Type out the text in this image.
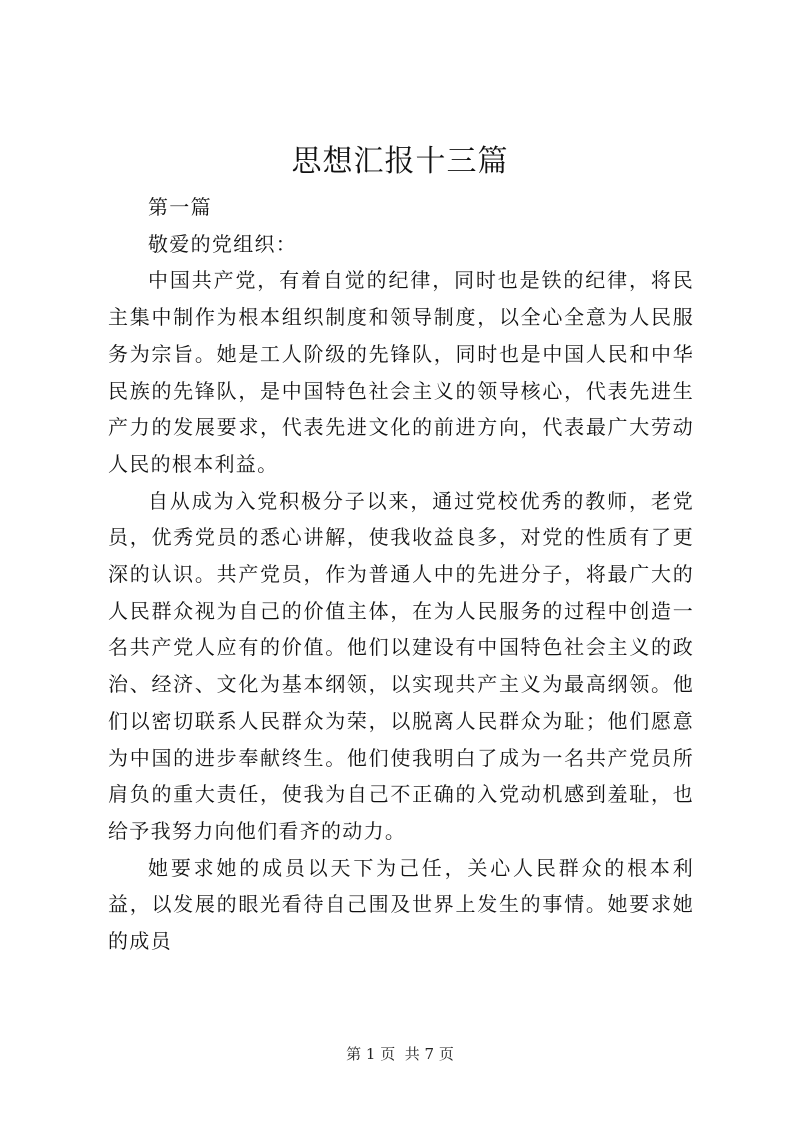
思想汇报十三篇

第一篇

敬爱的党组织：

中国共产党，有着自觉的纪律，同时也是铁的纪律，将民主集中制作为根本组织制度和领导制度，以全心全意为人民服务为宗旨。她是工人阶级的先锋队，同时也是中国人民和中华民族的先锋队，是中国特色社会主义的领导核心，代表先进生产力的发展要求，代表先进文化的前进方向，代表最广大劳动人民的根本利益。

自从成为入党积极分子以来，通过党校优秀的教师，老党员，优秀党员的悉心讲解，使我收益良多，对党的性质有了更深的认识。共产党员，作为普通人中的先进分子，将最广大的人民群众视为自己的价值主体，在为人民服务的过程中创造一名共产党人应有的价值。他们以建设有中国特色社会主义的政治、经济、文化为基本纲领，以实现共产主义为最高纲领。他们以密切联系人民群众为荣，以脱离人民群众为耻；他们愿意为中国的进步奉献终生。他们使我明白了成为一名共产党员所肩负的重大责任，使我为自己不正确的入党动机感到羞耻，也给予我努力向他们看齐的动力。

她要求她的成员以天下为己任，关心人民群众的根本利益，以发展的眼光看待自己围及世界上发生的事情。她要求她的成员

第 1 页 共 7 页
